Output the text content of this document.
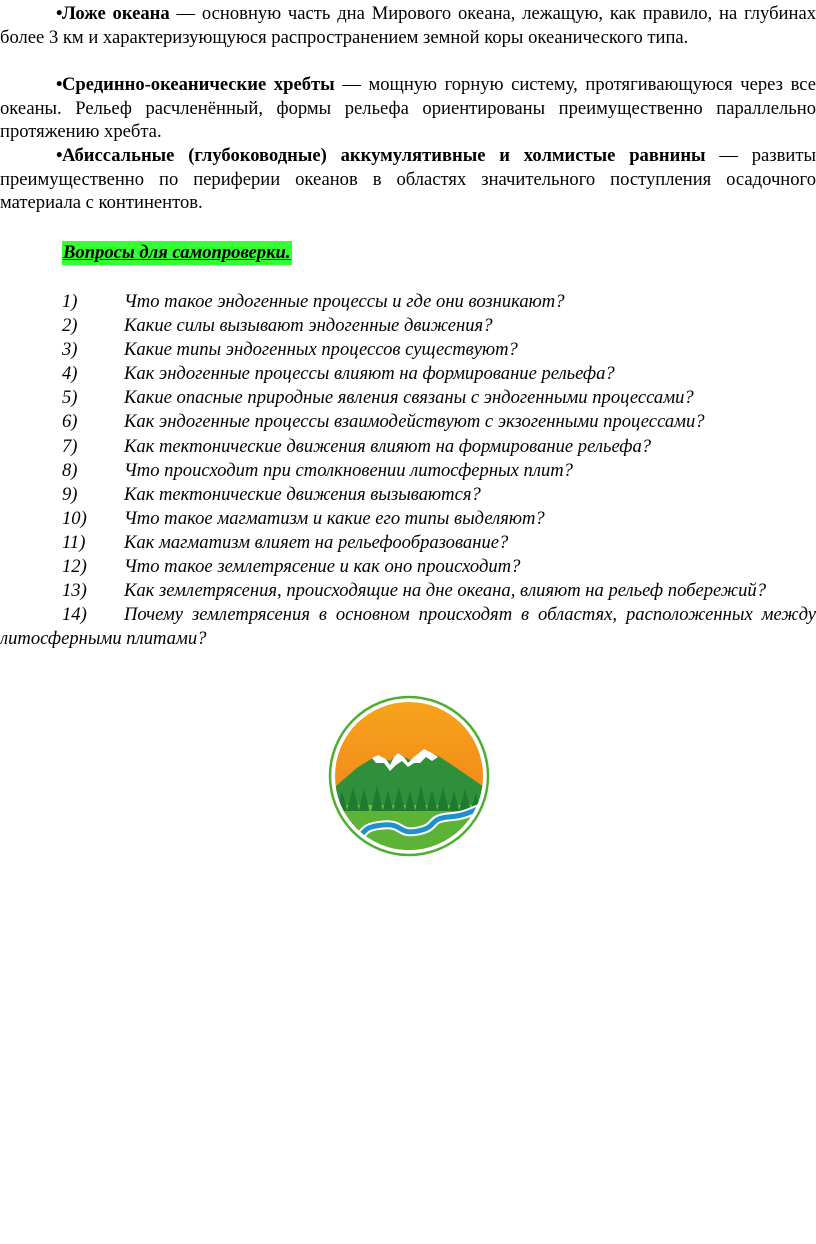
•Ложе океана — основную часть дна Мирового океана, лежащую, как правило, на глубинах более 3 км и характеризующуюся распространением земной коры океанического типа.

•Срединно-океанические хребты — мощную горную систему, протягивающуюся через все океаны. Рельеф расчленённый, формы рельефа ориентированы преимущественно параллельно протяжению хребта.

•Абиссальные (глубоководные) аккумулятивные и холмистые равнины — развиты преимущественно по периферии океанов в областях значительного поступления осадочного материала с континентов.

Вопросы для самопроверки.

1)	Что такое эндогенные процессы и где они возникают?

2)	Какие силы вызывают эндогенные движения?

3)	Какие типы эндогенных процессов существуют?

4)	Как эндогенные процессы влияют на формирование рельефа?

5)	Какие опасные природные явления связаны с эндогенными процессами?

6)	Как эндогенные процессы взаимодействуют с экзогенными процессами?

7)	Как тектонические движения влияют на формирование рельефа?

8)	Что происходит при столкновении литосферных плит?

9)	Как тектонические движения вызываются?

10) Что такое магматизм и какие его типы выделяют?

11) Как магматизм влияет на рельефообразование?

12) Что такое землетрясение и как оно происходит?

13) Как землетрясения, происходящие на дне океана, влияют на рельеф побережий?

14) Почему землетрясения в основном происходят в областях, расположенных между литосферными плитами?
